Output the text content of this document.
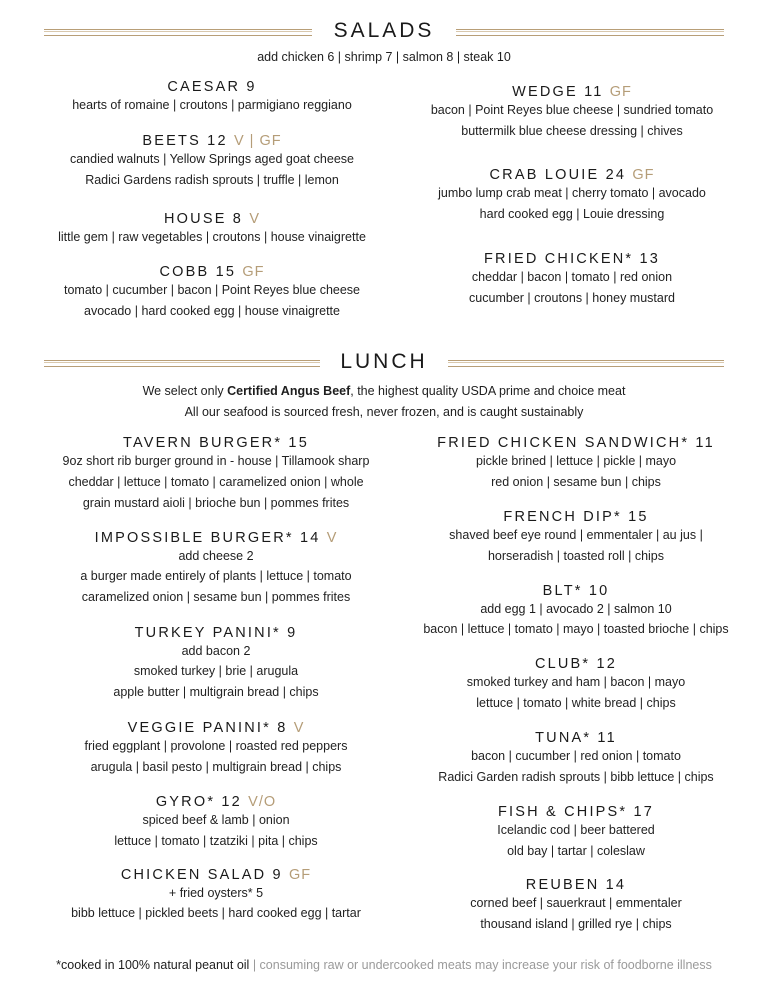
SALADS
add chicken 6 | shrimp 7 | salmon 8 | steak 10
CAESAR 9
hearts of romaine | croutons | parmigiano reggiano
BEETS 12 V | GF
candied walnuts | Yellow Springs aged goat cheese
Radici Gardens radish sprouts | truffle | lemon
HOUSE 8 V
little gem | raw vegetables | croutons | house vinaigrette
COBB 15 GF
tomato | cucumber | bacon | Point Reyes blue cheese
avocado | hard cooked egg | house vinaigrette
WEDGE 11 GF
bacon | Point Reyes blue cheese | sundried tomato
buttermilk blue cheese dressing | chives
CRAB LOUIE 24 GF
jumbo lump crab meat | cherry tomato | avocado
hard cooked egg | Louie dressing
FRIED CHICKEN* 13
cheddar | bacon | tomato | red onion
cucumber | croutons | honey mustard
LUNCH
We select only Certified Angus Beef, the highest quality USDA prime and choice meat
All our seafood is sourced fresh, never frozen, and is caught sustainably
TAVERN BURGER* 15
9oz short rib burger ground in - house | Tillamook sharp
cheddar | lettuce | tomato | caramelized onion | whole
grain mustard aioli | brioche bun | pommes frites
IMPOSSIBLE BURGER* 14 V
add cheese 2
a burger made entirely of plants | lettuce | tomato
caramelized onion | sesame bun | pommes frites
TURKEY PANINI* 9
add bacon 2
smoked turkey | brie | arugula
apple butter | multigrain bread | chips
VEGGIE PANINI* 8 V
fried eggplant | provolone | roasted red peppers
arugula | basil pesto | multigrain bread | chips
GYRO* 12 V/O
spiced beef & lamb | onion
lettuce | tomato | tzatziki | pita | chips
CHICKEN SALAD 9 GF
+ fried oysters* 5
bibb lettuce | pickled beets | hard cooked egg | tartar
FRIED CHICKEN SANDWICH* 11
pickle brined | lettuce | pickle | mayo
red onion | sesame bun | chips
FRENCH DIP* 15
shaved beef eye round | emmentaler | au jus |
horseradish | toasted roll | chips
BLT* 10
add egg 1 | avocado 2 | salmon 10
bacon | lettuce | tomato | mayo | toasted brioche | chips
CLUB* 12
smoked turkey and ham | bacon | mayo
lettuce | tomato | white bread | chips
TUNA* 11
bacon | cucumber | red onion | tomato
Radici Garden radish sprouts | bibb lettuce | chips
FISH & CHIPS* 17
Icelandic cod | beer battered
old bay | tartar | coleslaw
REUBEN 14
corned beef | sauerkraut | emmentaler
thousand island | grilled rye | chips
*cooked in 100% natural peanut oil | consuming raw or undercooked meats may increase your risk of foodborne illness
